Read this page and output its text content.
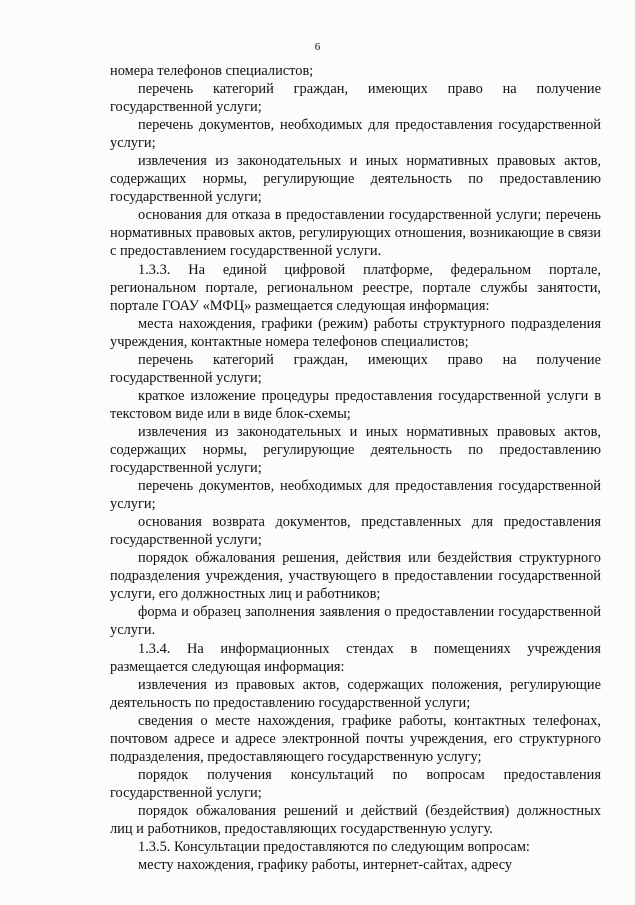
6

номера телефонов специалистов;

перечень категорий граждан, имеющих право на получение государственной услуги;

перечень документов, необходимых для предоставления государственной услуги;

извлечения из законодательных и иных нормативных правовых актов, содержащих нормы, регулирующие деятельность по предоставлению государственной услуги;

основания для отказа в предоставлении государственной услуги; перечень нормативных правовых актов, регулирующих отношения, возникающие в связи с предоставлением государственной услуги.

1.3.3. На единой цифровой платформе, федеральном портале, региональном портале, региональном реестре, портале службы занятости, портале ГОАУ «МФЦ» размещается следующая информация:

места нахождения, графики (режим) работы структурного подразделения учреждения, контактные номера телефонов специалистов;

перечень категорий граждан, имеющих право на получение государственной услуги;

краткое изложение процедуры предоставления государственной услуги в текстовом виде или в виде блок-схемы;

извлечения из законодательных и иных нормативных правовых актов, содержащих нормы, регулирующие деятельность по предоставлению государственной услуги;

перечень документов, необходимых для предоставления государственной услуги;

основания возврата документов, представленных для предоставления государственной услуги;

порядок обжалования решения, действия или бездействия структурного подразделения учреждения, участвующего в предоставлении государственной услуги, его должностных лиц и работников;

форма и образец заполнения заявления о предоставлении государственной услуги.

1.3.4. На информационных стендах в помещениях учреждения размещается следующая информация:

извлечения из правовых актов, содержащих положения, регулирующие деятельность по предоставлению государственной услуги;

сведения о месте нахождения, графике работы, контактных телефонах, почтовом адресе и адресе электронной почты учреждения, его структурного подразделения, предоставляющего государственную услугу;

порядок получения консультаций по вопросам предоставления государственной услуги;

порядок обжалования решений и действий (бездействия) должностных лиц и работников, предоставляющих государственную услугу.

1.3.5. Консультации предоставляются по следующим вопросам:

месту нахождения, графику работы, интернет-сайтах, адресу
